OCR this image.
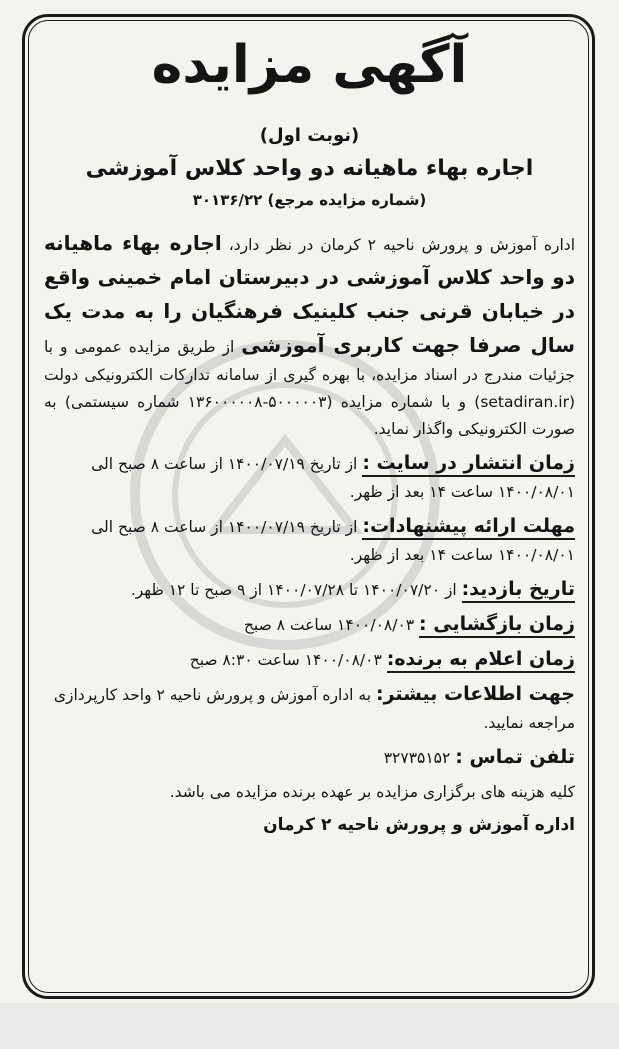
آگهی مزایده
(نوبت اول)
اجاره بهاء ماهیانه دو واحد کلاس آموزشی
(شماره مزایده مرجع) ۳۰۱۳۶/۲۲

اداره آموزش و پرورش ناحیه ۲ کرمان در نظر دارد، اجاره بهاء ماهیانه دو واحد کلاس آموزشی در دبیرستان امام خمینی واقع در خیابان قرنی جنب کلینیک فرهنگیان را به مدت یک سال صرفا جهت کاربری آموزشی از طریق مزایده عمومی و با جزئیات مندرج در اسناد مزایده، با بهره گیری از سامانه تدارکات الکترونیکی دولت (setadiran.ir) و با شماره مزایده (۵۰۰۰۰۰۳-۱۳۶۰۰۰۰۰۸ شماره سیستمی) به صورت الکترونیکی واگذار نماید.

زمان انتشار در سایت : از تاریخ ۱۴۰۰/۰۷/۱۹ از ساعت ۸ صبح الی ۱۴۰۰/۰۸/۰۱ ساعت ۱۴ بعد از ظهر.
مهلت ارائه پیشنهادات: از تاریخ ۱۴۰۰/۰۷/۱۹ از ساعت ۸ صبح الی ۱۴۰۰/۰۸/۰۱ ساعت ۱۴ بعد از ظهر.
تاریخ بازدید: از ۱۴۰۰/۰۷/۲۰ تا ۱۴۰۰/۰۷/۲۸ از ۹ صبح تا ۱۲ ظهر.
زمان بازگشایی : ۱۴۰۰/۰۸/۰۳ ساعت ۸ صبح
زمان اعلام به برنده: ۱۴۰۰/۰۸/۰۳ ساعت ۸:۳۰ صبح
جهت اطلاعات بیشتر: به اداره آموزش و پرورش ناحیه ۲ واحد کارپردازی مراجعه نمایید.
تلفن تماس : ۳۲۷۳۵۱۵۲
کلیه هزینه های برگزاری مزایده بر عهده برنده مزایده می باشد.
اداره آموزش و پرورش ناحیه ۲ کرمان
